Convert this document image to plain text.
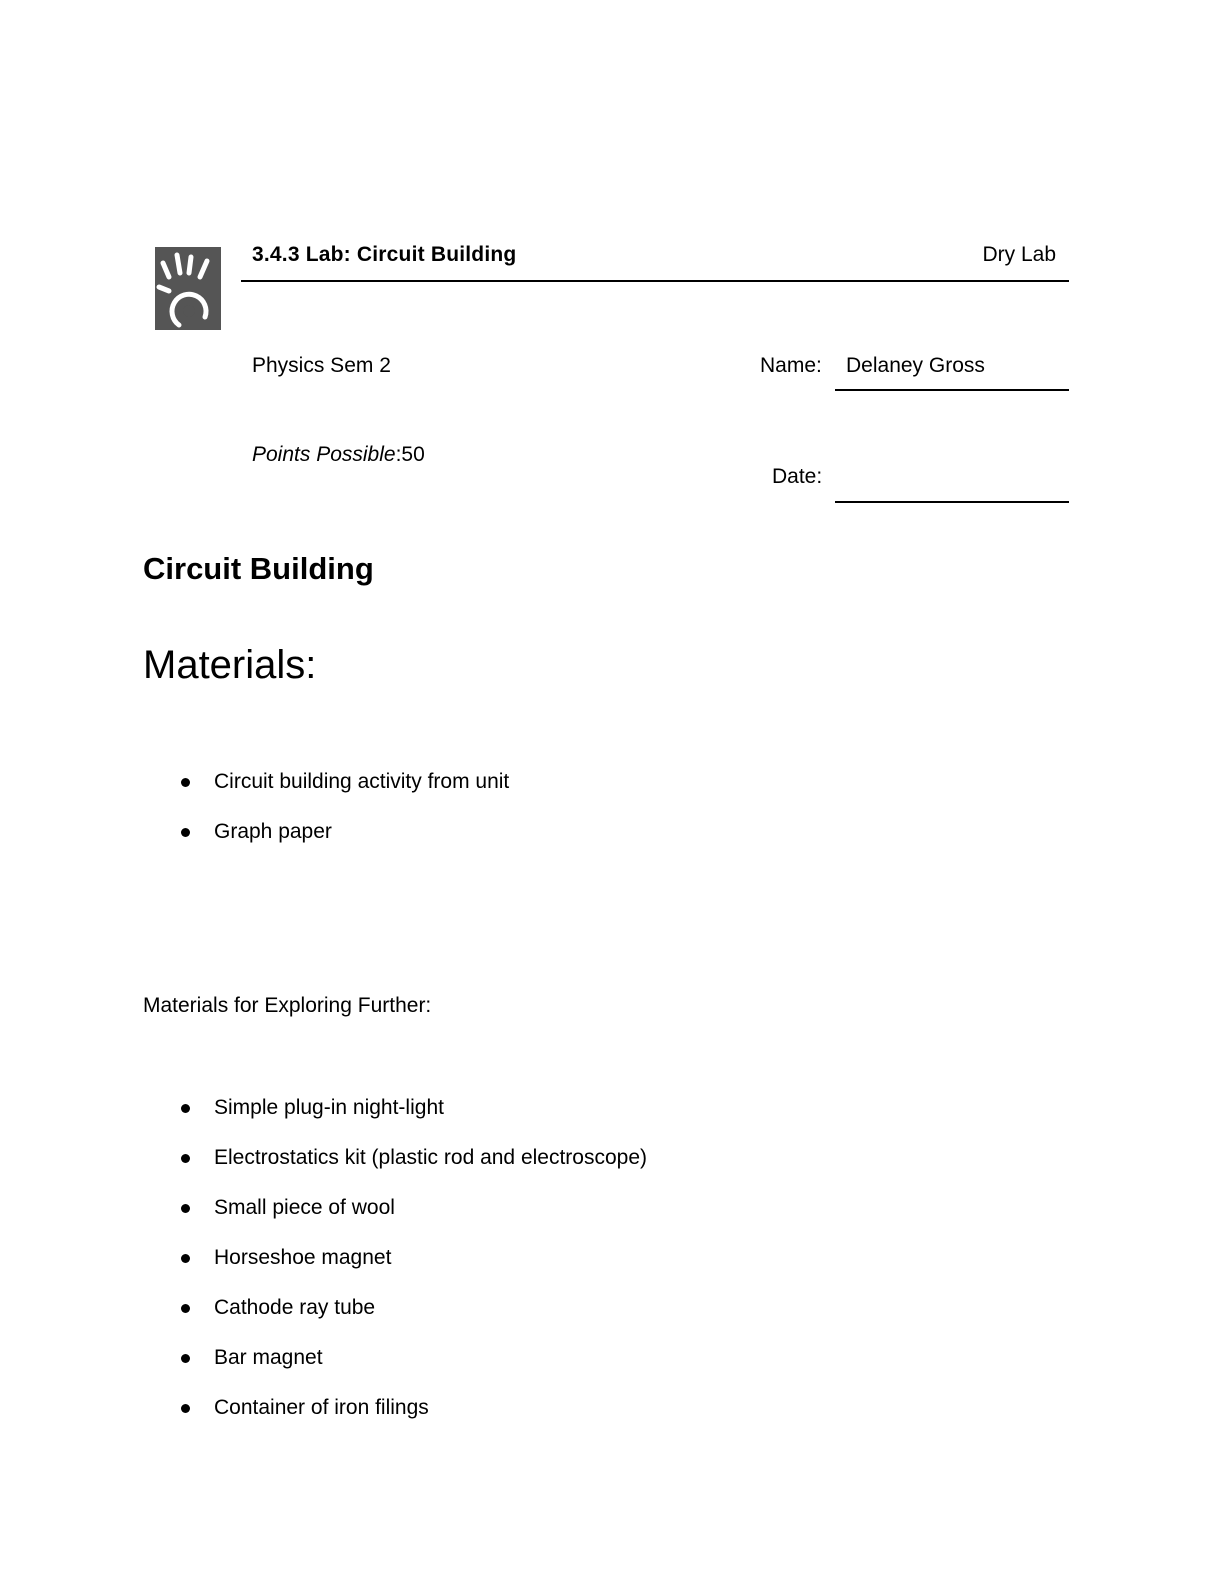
3.4.3 Lab: Circuit Building	Dry Lab
Physics Sem 2	Name: Delaney Gross
Points Possible:50
Date:
Circuit Building
Materials:
Circuit building activity from unit
Graph paper
Materials for Exploring Further:
Simple plug-in night-light
Electrostatics kit (plastic rod and electroscope)
Small piece of wool
Horseshoe magnet
Cathode ray tube
Bar magnet
Container of iron filings
